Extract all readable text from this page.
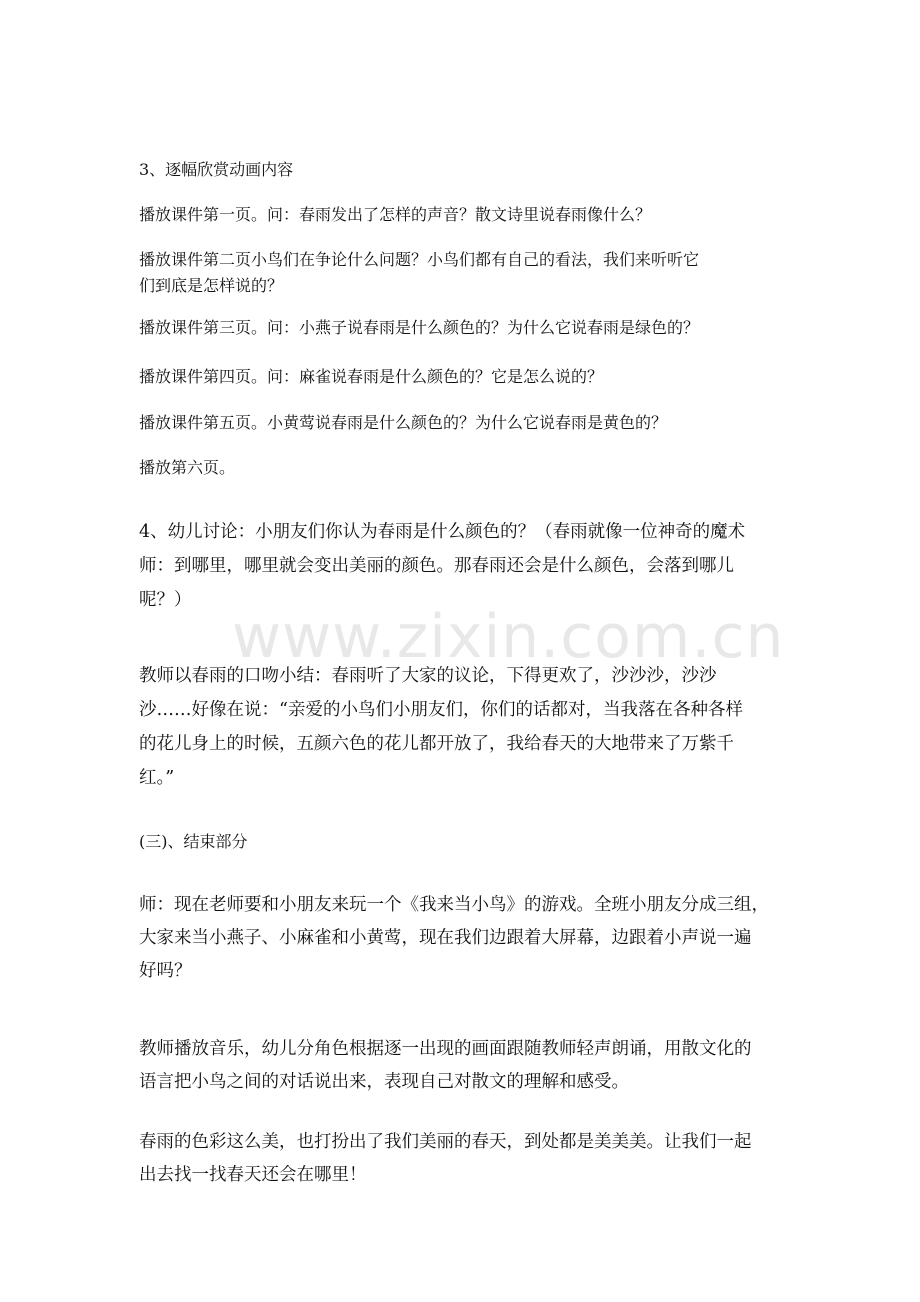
3、逐幅欣赏动画内容

播放课件第一页。问：春雨发出了怎样的声音？散文诗里说春雨像什么？

播放课件第二页小鸟们在争论什么问题？小鸟们都有自己的看法，我们来听听它
们到底是怎样说的？

播放课件第三页。问：小燕子说春雨是什么颜色的？为什么它说春雨是绿色的？

播放课件第四页。问：麻雀说春雨是什么颜色的？它是怎么说的？

播放课件第五页。小黄莺说春雨是什么颜色的？为什么它说春雨是黄色的？

播放第六页。

4、幼儿讨论：小朋友们你认为春雨是什么颜色的？（春雨就像一位神奇的魔术
师：到哪里，哪里就会变出美丽的颜色。那春雨还会是什么颜色，会落到哪儿
呢？）

教师以春雨的口吻小结：春雨听了大家的议论，下得更欢了，沙沙沙，沙沙
沙……好像在说：“亲爱的小鸟们小朋友们，你们的话都对，当我落在各种各样
的花儿身上的时候，五颜六色的花儿都开放了，我给春天的大地带来了万紫千
红。”

(三)、结束部分

师：现在老师要和小朋友来玩一个《我来当小鸟》的游戏。全班小朋友分成三组，
大家来当小燕子、小麻雀和小黄莺，现在我们边跟着大屏幕，边跟着小声说一遍
好吗？

教师播放音乐，幼儿分角色根据逐一出现的画面跟随教师轻声朗诵，用散文化的
语言把小鸟之间的对话说出来，表现自己对散文的理解和感受。

春雨的色彩这么美，也打扮出了我们美丽的春天，到处都是美美美。让我们一起
出去找一找春天还会在哪里！

www.zixin.com.cn
